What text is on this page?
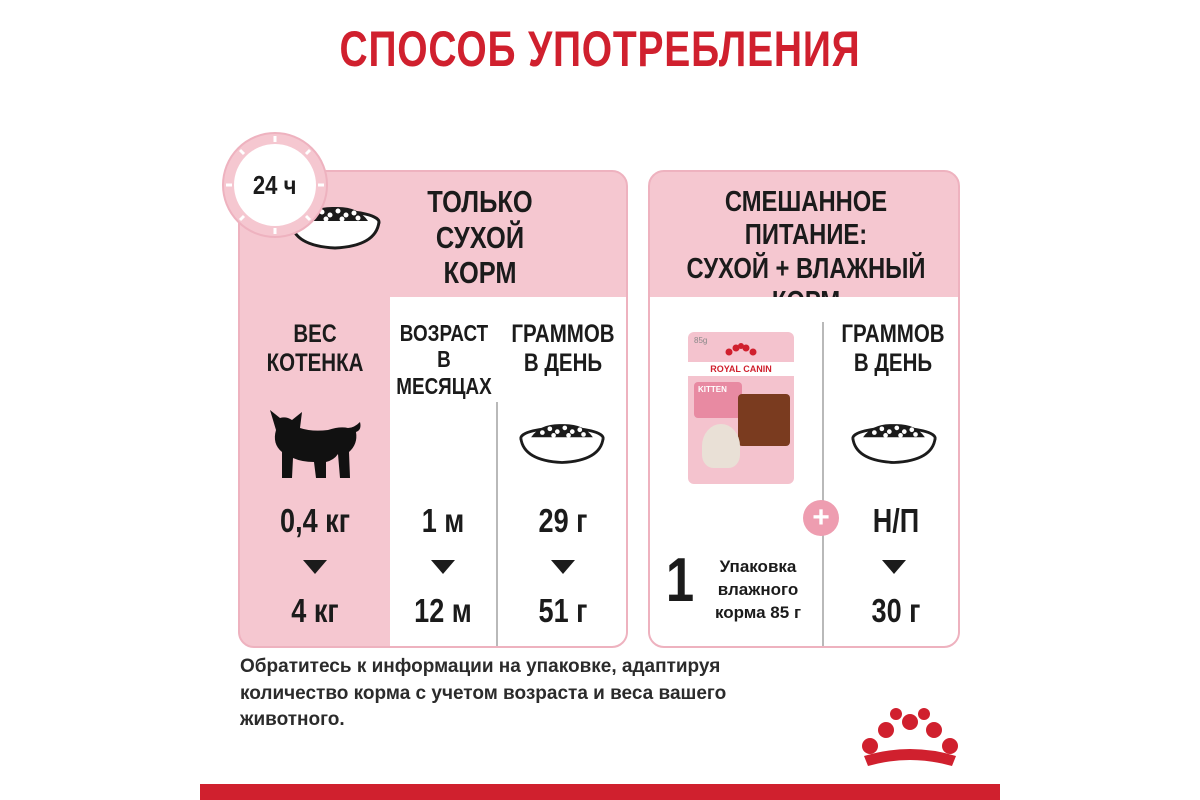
СПОСОБ УПОТРЕБЛЕНИЯ
ТОЛЬКО
СУХОЙ
КОРМ
ВЕС
КОТЕНКА
ВОЗРАСТ В
МЕСЯЦАХ
ГРАММОВ
В ДЕНЬ
0,4 кг
4 кг
1 м
12 м
29 г
51 г
24 ч
СМЕШАННОЕ ПИТАНИЕ:
СУХОЙ + ВЛАЖНЫЙ
85g
ROYAL CANIN
KITTEN
ГРАММОВ
В ДЕНЬ
Н/П
30 г
1	Упаковка
влажного
корма 85 г
+
Обратитесь к информации на упаковке, адаптируя
количество корма с учетом возраста и веса вашего
животного.
